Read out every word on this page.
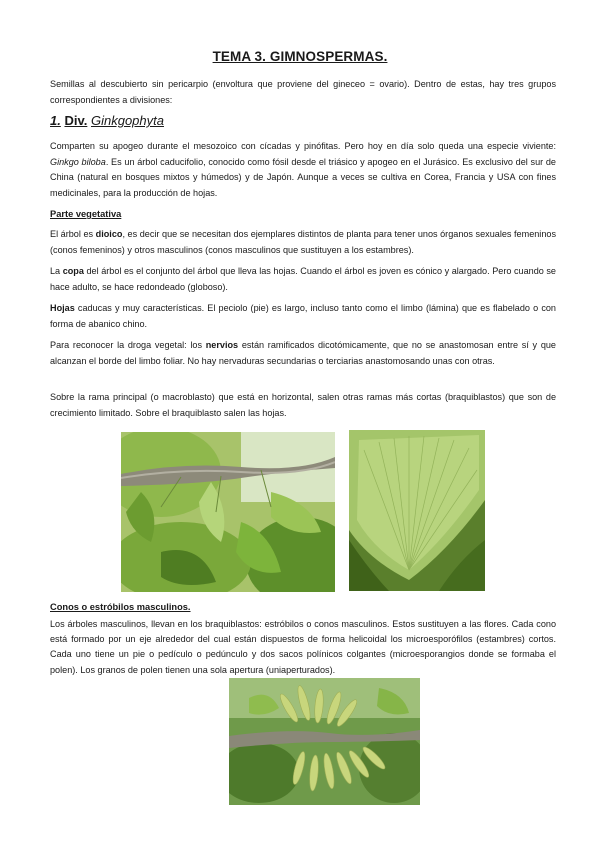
TEMA 3. GIMNOSPERMAS.
Semillas al descubierto sin pericarpio (envoltura que proviene del gineceo = ovario). Dentro de estas, hay tres grupos correspondientes a divisiones:
1. Div. Ginkgophyta
Comparten su apogeo durante el mesozoico con cícadas y pinófitas. Pero hoy en día solo queda una especie viviente: Ginkgo biloba. Es un árbol caducifolio, conocido como fósil desde el triásico y apogeo en el Jurásico. Es exclusivo del sur de China (natural en bosques mixtos y húmedos) y de Japón. Aunque a veces se cultiva en Corea, Francia y USA con fines medicinales, para la producción de hojas.
Parte vegetativa
El árbol es dioico, es decir que se necesitan dos ejemplares distintos de planta para tener unos órganos sexuales femeninos (conos femeninos) y otros masculinos (conos masculinos que sustituyen a los estambres).
La copa del árbol es el conjunto del árbol que lleva las hojas. Cuando el árbol es joven es cónico y alargado. Pero cuando se hace adulto, se hace redondeado (globoso).
Hojas caducas y muy características. El peciolo (pie) es largo, incluso tanto como el limbo (lámina) que es flabelado o con forma de abanico chino.
Para reconocer la droga vegetal: los nervios están ramificados dicotómicamente, que no se anastomosan entre sí y que alcanzan el borde del limbo foliar. No hay nervaduras secundarias o terciarias anastomosando unas con otras.
Sobre la rama principal (o macroblasto) que está en horizontal, salen otras ramas más cortas (braquiblastos) que son de crecimiento limitado. Sobre el braquiblasto salen las hojas.
Conos o estróbilos masculinos.
Los árboles masculinos, llevan en los braquiblastos: estróbilos o conos masculinos. Estos sustituyen a las flores. Cada cono está formado por un eje alrededor del cual están dispuestos de forma helicoidal los microesporófilos (estambres) cortos. Cada uno tiene un pie o pedículo o pedúnculo y dos sacos polínicos colgantes (microesporangios donde se formaba el polen). Los granos de polen tienen una sola apertura (uniaperturados).
